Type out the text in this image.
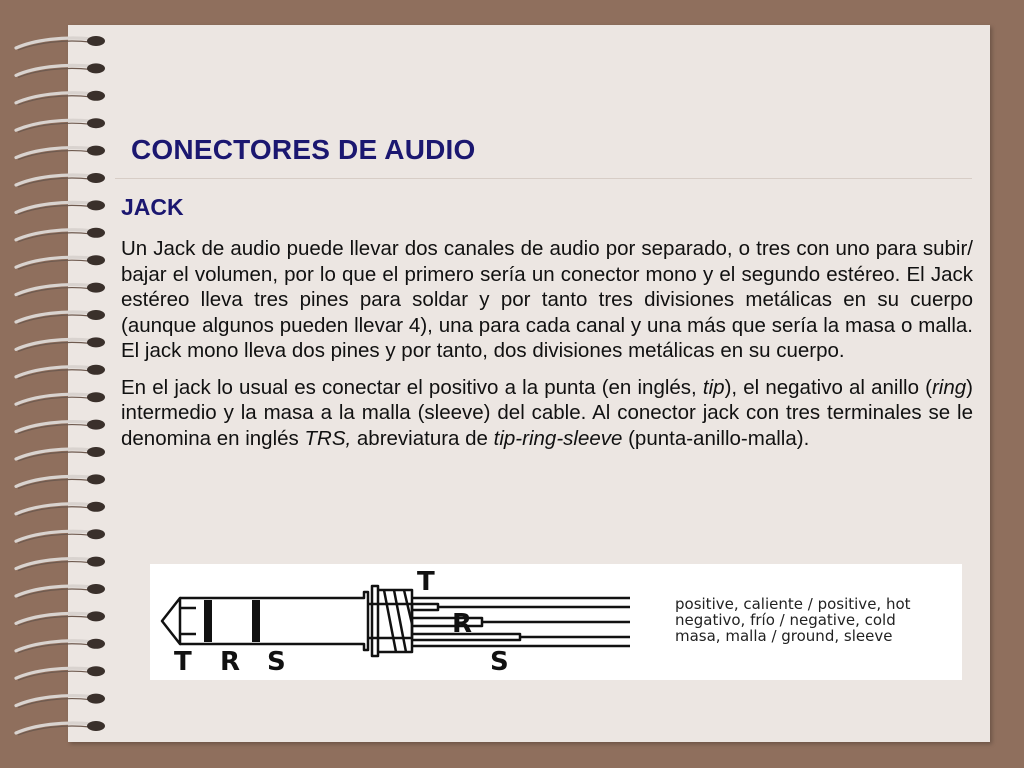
CONECTORES DE AUDIO
JACK

Un Jack de audio puede llevar dos canales de audio por separado, o tres con uno para subir/ bajar el volumen, por lo que el primero sería un conector mono y el segundo estéreo. El Jack estéreo lleva tres pines para soldar y por tanto tres divisiones metálicas en su cuerpo (aunque algunos pueden llevar 4), una para cada canal y una más que sería la masa o malla. El jack mono lleva dos pines y por tanto, dos divisiones metálicas en su cuerpo.

En el jack lo usual es conectar el positivo a la punta (en inglés, tip), el negativo al anillo (ring) intermedio y la masa a la malla (sleeve) del cable. Al conector jack con tres terminales se le denomina en inglés TRS, abreviatura de tip-ring-sleeve (punta-anillo-malla).

T R S
T
R
S
positive, caliente / positive, hot
negativo, frío / negative, cold
masa, malla / ground, sleeve
